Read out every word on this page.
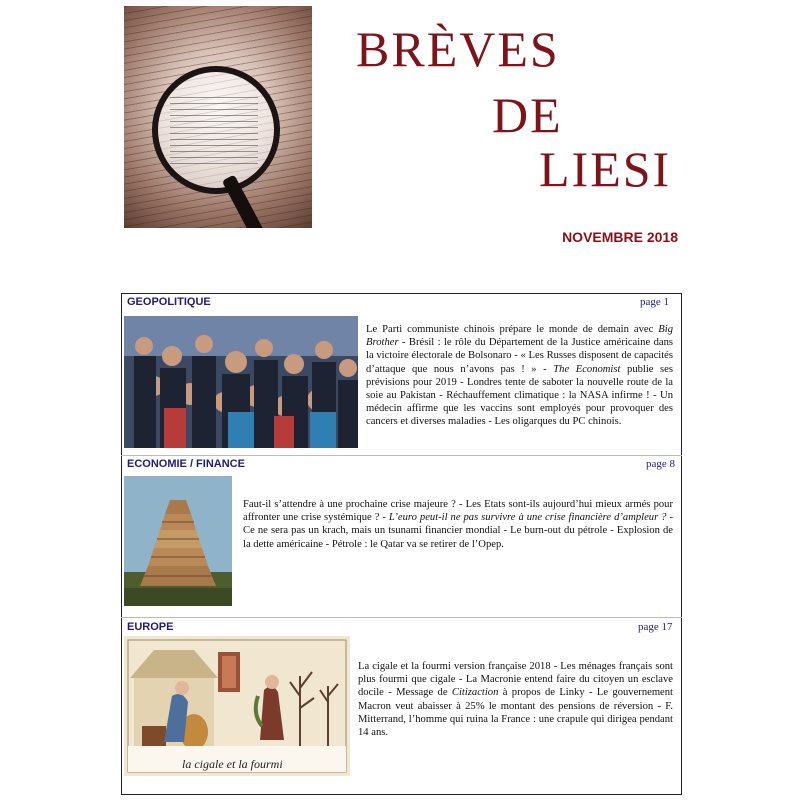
BRÈVES
DE
LIESI
NOVEMBRE 2018
GEOPOLITIQUE	page 1
Le Parti communiste chinois prépare le monde de demain avec Big Brother - Brésil : le rôle du Département de la Justice américaine dans la victoire électorale de Bolsonaro - « Les Russes disposent de capacités d’attaque que nous n’avons pas ! » - The Economist publie ses prévisions pour 2019 - Londres tente de saboter la nouvelle route de la soie au Pakistan - Réchauffement climatique : la NASA infirme ! - Un médecin affirme que les vaccins sont employés pour provoquer des cancers et diverses maladies - Les oligarques du PC chinois.
ECONOMIE / FINANCE	page 8
Faut-il s’attendre à une prochaine crise majeure ? - Les Etats sont-ils aujourd’hui mieux armés pour affronter une crise systémique ? - L’euro peut-il ne pas survivre à une crise financière d’ampleur ? - Ce ne sera pas un krach, mais un tsunami financier mondial - Le burn-out du pétrole - Explosion de la dette américaine - Pétrole : le Qatar va se retirer de l’Opep.
EUROPE	page 17
la cigale et la fourmi
La cigale et la fourmi version française 2018 - Les ménages français sont plus fourmi que cigale - La Macronie entend faire du citoyen un esclave docile - Message de Citizaction à propos de Linky - Le gouvernement Macron veut abaisser à 25% le montant des pensions de réversion - F. Mitterrand, l’homme qui ruina la France : une crapule qui dirigea pendant 14 ans.
